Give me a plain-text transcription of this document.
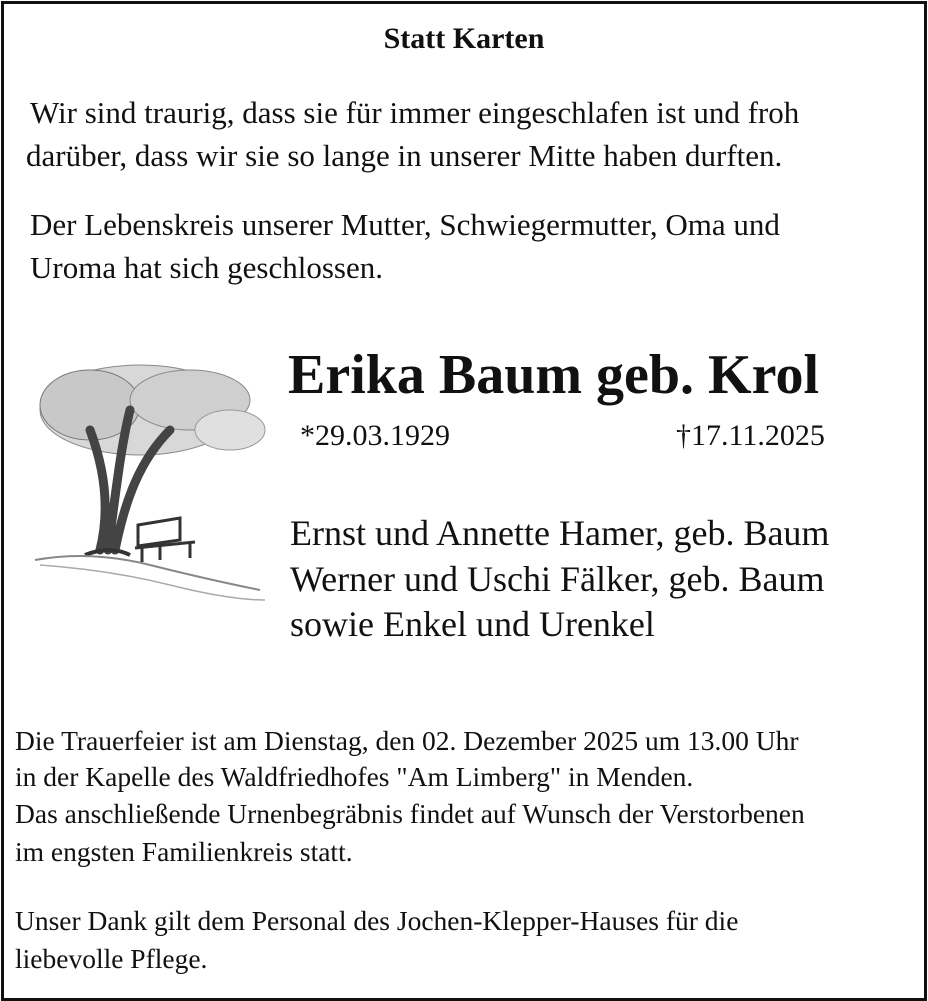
Statt Karten
Wir sind traurig, dass sie für immer eingeschlafen ist und froh
darüber, dass wir sie so lange in unserer Mitte haben durften.
Der Lebenskreis unserer Mutter, Schwiegermutter, Oma und
Uroma hat sich geschlossen.
Erika Baum geb. Krol
*29.03.1929	†17.11.2025
Ernst und Annette Hamer, geb. Baum
Werner und Uschi Fälker, geb. Baum
sowie Enkel und Urenkel
Die Trauerfeier ist am Dienstag, den 02. Dezember 2025 um 13.00 Uhr
in der Kapelle des Waldfriedhofes "Am Limberg" in Menden.
Das anschließende Urnenbegräbnis findet auf Wunsch der Verstorbenen
im engsten Familienkreis statt.
Unser Dank gilt dem Personal des Jochen-Klepper-Hauses für die
liebevolle Pflege.
